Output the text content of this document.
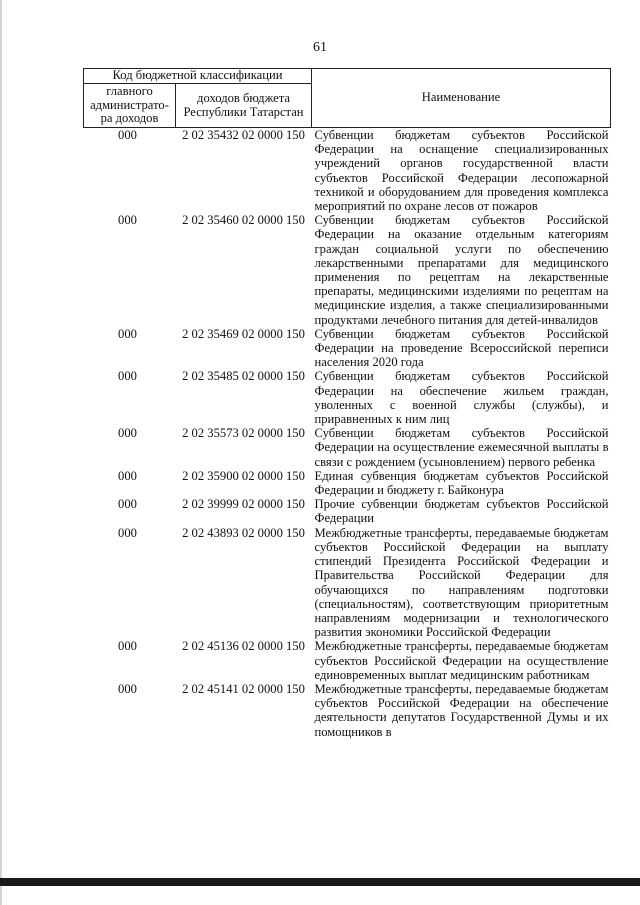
61
Код бюджетной классификации		Наименование
главного администрато-ра доходов	доходов бюджета Республики Татарстан	
000	2 02 35432 02 0000 150	Субвенции бюджетам субъектов Российской Федерации на оснащение специализированных учреждений органов государственной власти субъектов Российской Федерации лесопожарной техникой и оборудованием для проведения комплекса мероприятий по охране лесов от пожаров
000	2 02 35460 02 0000 150	Субвенции бюджетам субъектов Российской Федерации на оказание отдельным категориям граждан социальной услуги по обеспечению лекарственными препаратами для медицинского применения по рецептам на лекарственные препараты, медицинскими изделиями по рецептам на медицинские изделия, а также специализированными продуктами лечебного питания для детей-инвалидов
000	2 02 35469 02 0000 150	Субвенции бюджетам субъектов Российской Федерации на проведение Всероссийской переписи населения 2020 года
000	2 02 35485 02 0000 150	Субвенции бюджетам субъектов Российской Федерации на обеспечение жильем граждан, уволенных с военной службы (службы), и приравненных к ним лиц
000	2 02 35573 02 0000 150	Субвенции бюджетам субъектов Российской Федерации на осуществление ежемесячной выплаты в связи с рождением (усыновлением) первого ребенка
000	2 02 35900 02 0000 150	Единая субвенция бюджетам субъектов Российской Федерации и бюджету г. Байконура
000	2 02 39999 02 0000 150	Прочие субвенции бюджетам субъектов Российской Федерации
000	2 02 43893 02 0000 150	Межбюджетные трансферты, передаваемые бюджетам субъектов Российской Федерации на выплату стипендий Президента Российской Федерации и Правительства Российской Федерации для обучающихся по направлениям подготовки (специальностям), соответствующим приоритетным направлениям модернизации и технологического развития экономики Российской Федерации
000	2 02 45136 02 0000 150	Межбюджетные трансферты, передаваемые бюджетам субъектов Российской Федерации на осуществление единовременных выплат медицинским работникам
000	2 02 45141 02 0000 150	Межбюджетные трансферты, передаваемые бюджетам субъектов Российской Федерации на обеспечение деятельности депутатов Государственной Думы и их помощников в
